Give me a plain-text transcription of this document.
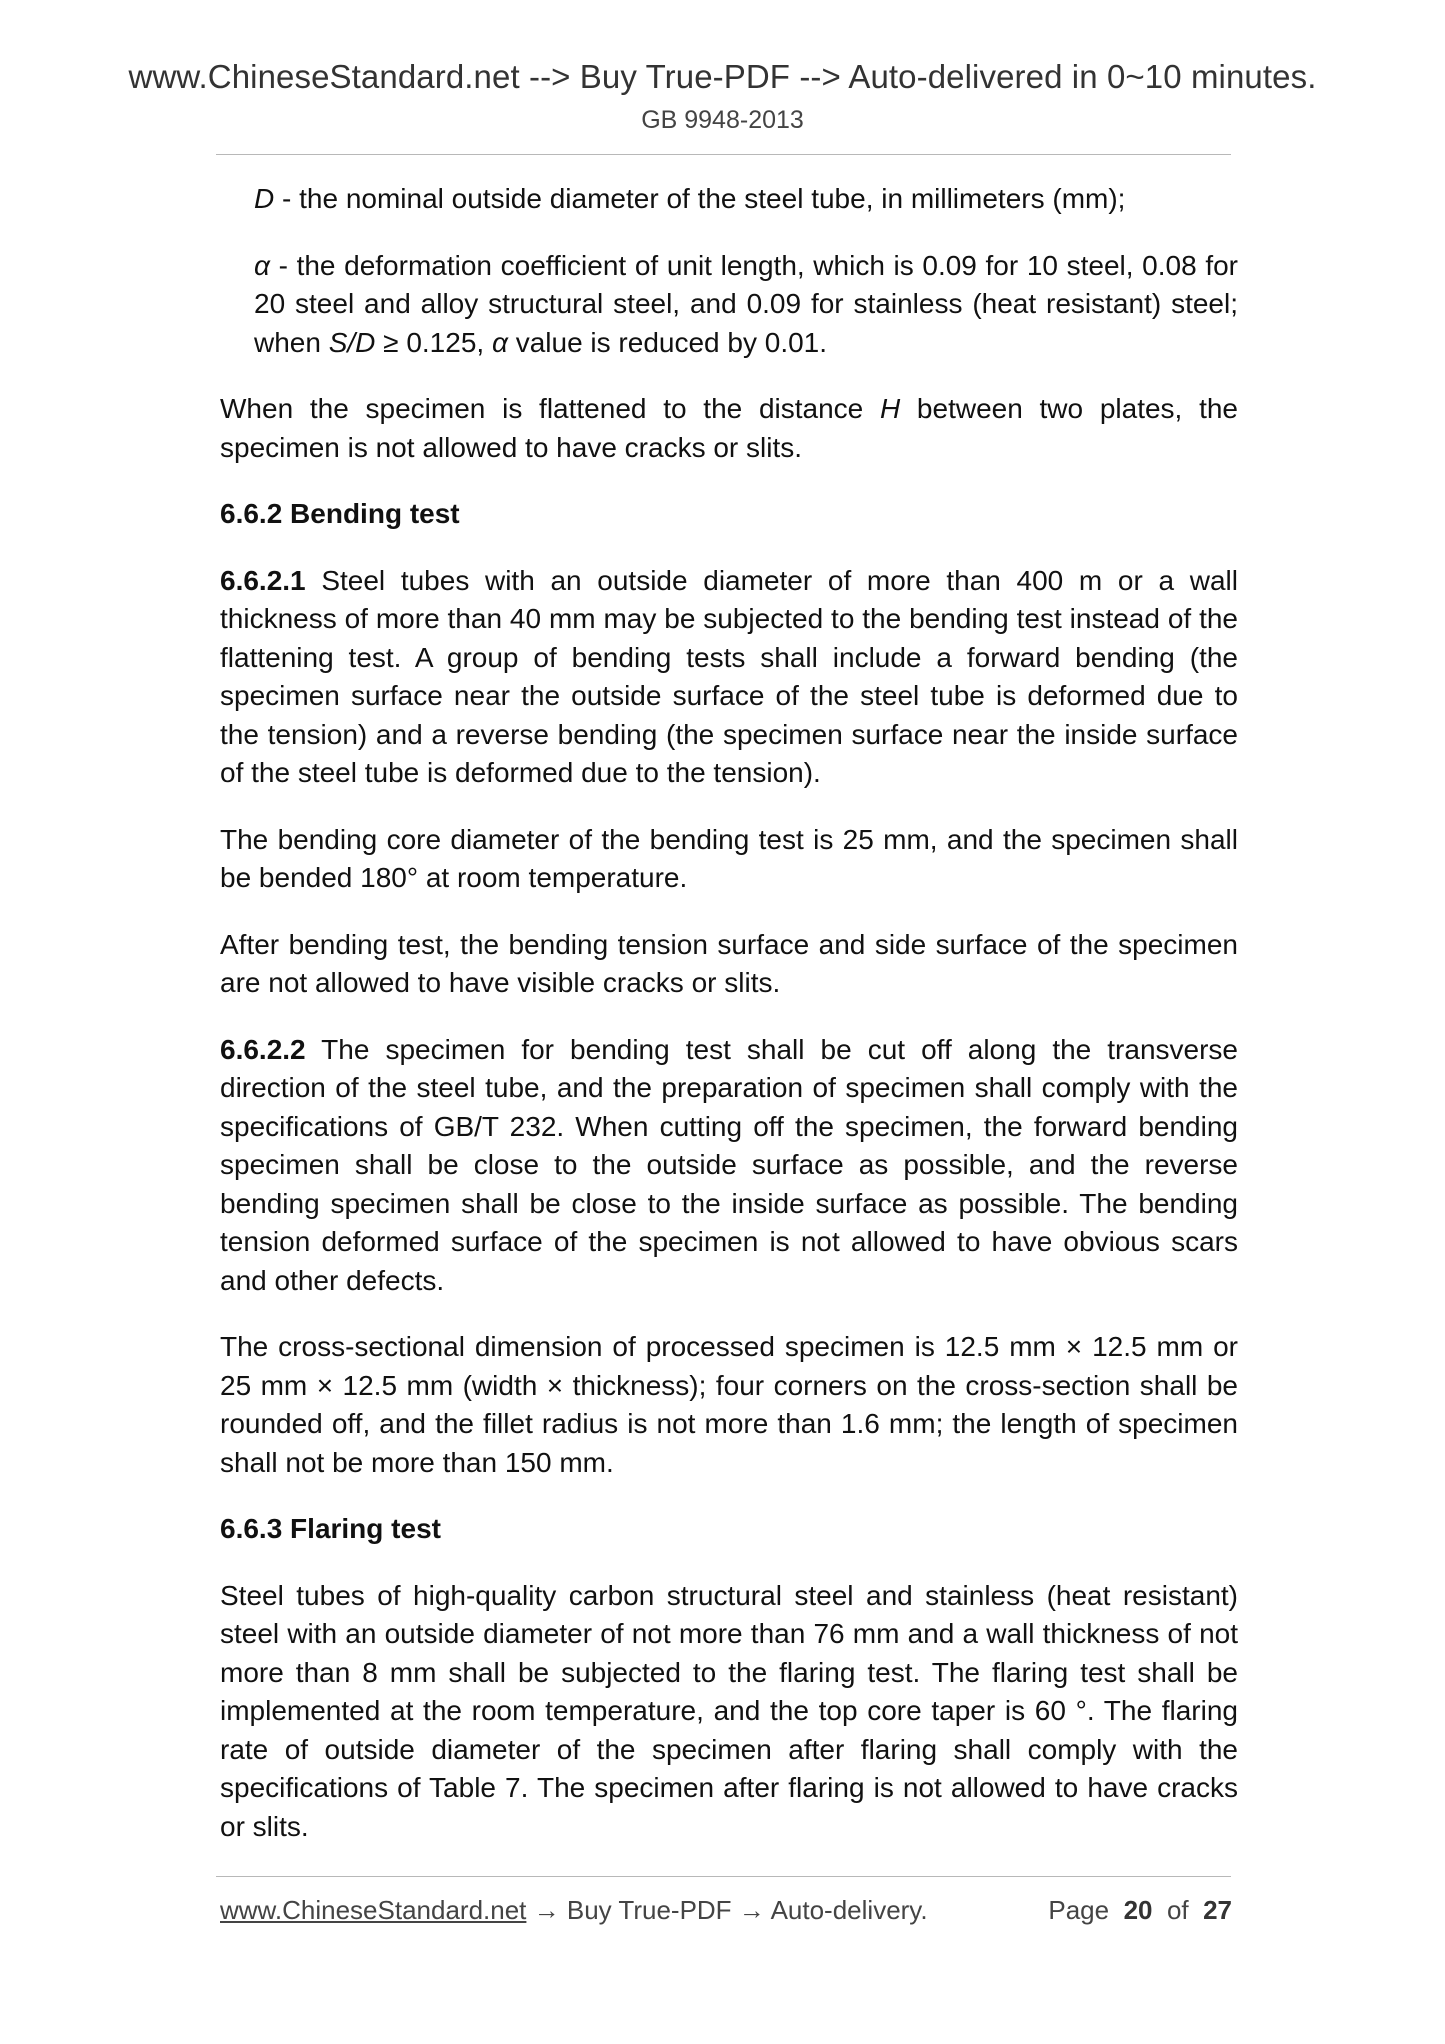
www.ChineseStandard.net --> Buy True-PDF --> Auto-delivered in 0~10 minutes.
GB 9948-2013

D - the nominal outside diameter of the steel tube, in millimeters (mm);

α - the deformation coefficient of unit length, which is 0.09 for 10 steel, 0.08 for 20 steel and alloy structural steel, and 0.09 for stainless (heat resistant) steel; when S/D ≥ 0.125, α value is reduced by 0.01.

When the specimen is flattened to the distance H between two plates, the specimen is not allowed to have cracks or slits.

6.6.2 Bending test

6.6.2.1 Steel tubes with an outside diameter of more than 400 m or a wall thickness of more than 40 mm may be subjected to the bending test instead of the flattening test. A group of bending tests shall include a forward bending (the specimen surface near the outside surface of the steel tube is deformed due to the tension) and a reverse bending (the specimen surface near the inside surface of the steel tube is deformed due to the tension).

The bending core diameter of the bending test is 25 mm, and the specimen shall be bended 180° at room temperature.

After bending test, the bending tension surface and side surface of the specimen are not allowed to have visible cracks or slits.

6.6.2.2 The specimen for bending test shall be cut off along the transverse direction of the steel tube, and the preparation of specimen shall comply with the specifications of GB/T 232. When cutting off the specimen, the forward bending specimen shall be close to the outside surface as possible, and the reverse bending specimen shall be close to the inside surface as possible. The bending tension deformed surface of the specimen is not allowed to have obvious scars and other defects.

The cross-sectional dimension of processed specimen is 12.5 mm × 12.5 mm or 25 mm × 12.5 mm (width × thickness); four corners on the cross-section shall be rounded off, and the fillet radius is not more than 1.6 mm; the length of specimen shall not be more than 150 mm.

6.6.3 Flaring test

Steel tubes of high-quality carbon structural steel and stainless (heat resistant) steel with an outside diameter of not more than 76 mm and a wall thickness of not more than 8 mm shall be subjected to the flaring test. The flaring test shall be implemented at the room temperature, and the top core taper is 60 °. The flaring rate of outside diameter of the specimen after flaring shall comply with the specifications of Table 7. The specimen after flaring is not allowed to have cracks or slits.

www.ChineseStandard.net → Buy True-PDF → Auto-delivery.	Page 20 of 27
